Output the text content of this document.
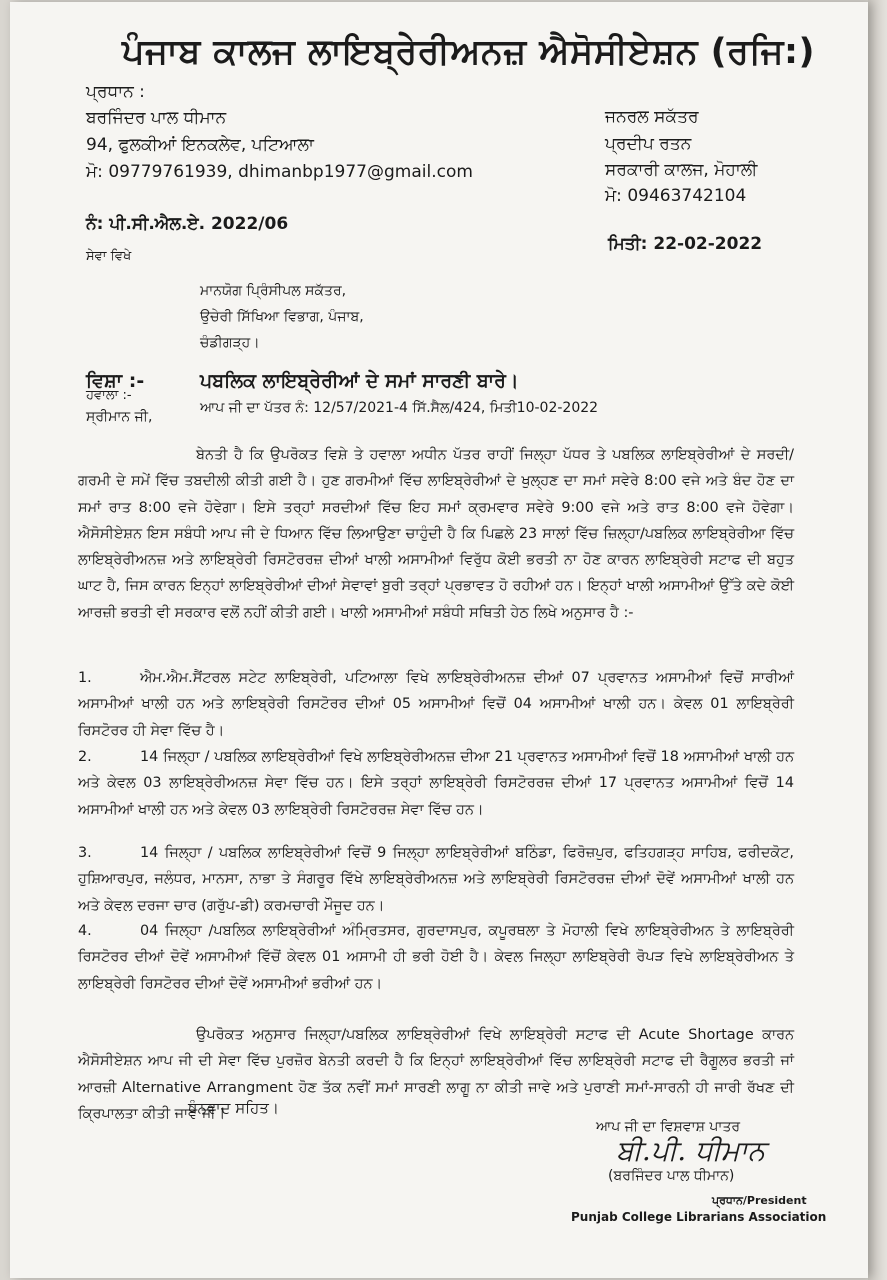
ਪੰਜਾਬ ਕਾਲਜ ਲਾਇਬ੍ਰੇਰੀਅਨਜ਼ ਐਸੋਸੀਏਸ਼ਨ (ਰਜਿ:)
ਪ੍ਰਧਾਨ :
ਬਰਜਿੰਦਰ ਪਾਲ ਧੀਮਾਨ
94, ਫੁਲਕੀਆਂ ਇਨਕਲੇਵ, ਪਟਿਆਲਾ
ਮੋ: 09779761939, dhimanbp1977@gmail.com
ਜਨਰਲ ਸਕੱਤਰ
ਪ੍ਰਦੀਪ ਰਤਨ
ਸਰਕਾਰੀ ਕਾਲਜ, ਮੋਹਾਲੀ
ਮੋ: 09463742104
ਨੰ: ਪੀ.ਸੀ.ਐਲ.ਏ. 2022/06
ਮਿਤੀ: 22-02-2022
ਸੇਵਾ ਵਿਖੇ
ਮਾਨਯੋਗ ਪ੍ਰਿੰਸੀਪਲ ਸਕੱਤਰ,
ਉਚੇਰੀ ਸਿੱਖਿਆ ਵਿਭਾਗ, ਪੰਜਾਬ,
ਚੰਡੀਗੜ੍ਹ।
ਵਿਸ਼ਾ :-	ਪਬਲਿਕ ਲਾਇਬ੍ਰੇਰੀਆਂ ਦੇ ਸਮਾਂ ਸਾਰਣੀ ਬਾਰੇ।
ਹਵਾਲਾ :-
ਆਪ ਜੀ ਦਾ ਪੱਤਰ ਨੰ: 12/57/2021-4 ਸਿੱ.ਸੈਲ/424, ਮਿਤੀ10-02-2022
ਸ੍ਰੀਮਾਨ ਜੀ,
ਬੇਨਤੀ ਹੈ ਕਿ ਉਪਰੋਕਤ ਵਿਸ਼ੇ ਤੇ ਹਵਾਲਾ ਅਧੀਨ ਪੱਤਰ ਰਾਹੀਂ ਜਿਲ੍ਹਾ ਪੱਧਰ ਤੇ ਪਬਲਿਕ ਲਾਇਬ੍ਰੇਰੀਆਂ ਦੇ ਸਰਦੀ/ਗਰਮੀ ਦੇ ਸਮੇਂ ਵਿੱਚ ਤਬਦੀਲੀ ਕੀਤੀ ਗਈ ਹੈ। ਹੁਣ ਗਰਮੀਆਂ ਵਿੱਚ ਲਾਇਬ੍ਰੇਰੀਆਂ ਦੇ ਖੁਲ੍ਹਣ ਦਾ ਸਮਾਂ ਸਵੇਰੇ 8:00 ਵਜੇ ਅਤੇ ਬੰਦ ਹੋਣ ਦਾ ਸਮਾਂ ਰਾਤ 8:00 ਵਜੇ ਹੋਵੇਗਾ। ਇਸੇ ਤਰ੍ਹਾਂ ਸਰਦੀਆਂ ਵਿੱਚ ਇਹ ਸਮਾਂ ਕ੍ਰਮਵਾਰ ਸਵੇਰੇ 9:00 ਵਜੇ ਅਤੇ ਰਾਤ 8:00 ਵਜੇ ਹੋਵੇਗਾ। ਐਸੋਸੀਏਸ਼ਨ ਇਸ ਸਬੰਧੀ ਆਪ ਜੀ ਦੇ ਧਿਆਨ ਵਿੱਚ ਲਿਆਉਣਾ ਚਾਹੁੰਦੀ ਹੈ ਕਿ ਪਿਛਲੇ 23 ਸਾਲਾਂ ਵਿੱਚ ਜ਼ਿਲ੍ਹਾ/ਪਬਲਿਕ ਲਾਇਬ੍ਰੇਰੀਆ ਵਿੱਚ ਲਾਇਬ੍ਰੇਰੀਅਨਜ਼ ਅਤੇ ਲਾਇਬ੍ਰੇਰੀ ਰਿਸਟੋਰਰਜ਼ ਦੀਆਂ ਖਾਲੀ ਅਸਾਮੀਆਂ ਵਿਰੁੱਧ ਕੋਈ ਭਰਤੀ ਨਾ ਹੋਣ ਕਾਰਨ ਲਾਇਬ੍ਰੇਰੀ ਸਟਾਫ ਦੀ ਬਹੁਤ ਘਾਟ ਹੈ, ਜਿਸ ਕਾਰਨ ਇਨ੍ਹਾਂ ਲਾਇਬ੍ਰੇਰੀਆਂ ਦੀਆਂ ਸੇਵਾਵਾਂ ਬੁਰੀ ਤਰ੍ਹਾਂ ਪ੍ਰਭਾਵਤ ਹੋ ਰਹੀਆਂ ਹਨ। ਇਨ੍ਹਾਂ ਖਾਲੀ ਅਸਾਮੀਆਂ ਉੱਤੇ ਕਦੇ ਕੋਈ ਆਰਜ਼ੀ ਭਰਤੀ ਵੀ ਸਰਕਾਰ ਵਲੋਂ ਨਹੀਂ ਕੀਤੀ ਗਈ। ਖਾਲੀ ਅਸਾਮੀਆਂ ਸਬੰਧੀ ਸਥਿਤੀ ਹੇਠ ਲਿਖੇ ਅਨੁਸਾਰ ਹੈ :-
1.	ਐਮ.ਐਮ.ਸੈਂਟਰਲ ਸਟੇਟ ਲਾਇਬ੍ਰੇਰੀ, ਪਟਿਆਲਾ ਵਿਖੇ ਲਾਇਬ੍ਰੇਰੀਅਨਜ਼ ਦੀਆਂ 07 ਪ੍ਰਵਾਨਤ ਅਸਾਮੀਆਂ ਵਿਚੋਂ ਸਾਰੀਆਂ ਅਸਾਮੀਆਂ ਖਾਲੀ ਹਨ ਅਤੇ ਲਾਇਬ੍ਰੇਰੀ ਰਿਸਟੋਰਰ ਦੀਆਂ 05 ਅਸਾਮੀਆਂ ਵਿਚੋਂ 04 ਅਸਾਮੀਆਂ ਖਾਲੀ ਹਨ। ਕੇਵਲ 01 ਲਾਇਬ੍ਰੇਰੀ ਰਿਸਟੋਰਰ ਹੀ ਸੇਵਾ ਵਿੱਚ ਹੈ।
2.	14 ਜਿਲ੍ਹਾ / ਪਬਲਿਕ ਲਾਇਬ੍ਰੇਰੀਆਂ ਵਿਖੇ ਲਾਇਬ੍ਰੇਰੀਅਨਜ਼ ਦੀਆ 21 ਪ੍ਰਵਾਨਤ ਅਸਾਮੀਆਂ ਵਿਚੋਂ 18 ਅਸਾਮੀਆਂ ਖਾਲੀ ਹਨ ਅਤੇ ਕੇਵਲ 03 ਲਾਇਬ੍ਰੇਰੀਅਨਜ਼ ਸੇਵਾ ਵਿੱਚ ਹਨ। ਇਸੇ ਤਰ੍ਹਾਂ ਲਾਇਬ੍ਰੇਰੀ ਰਿਸਟੋਰਰਜ਼ ਦੀਆਂ 17 ਪ੍ਰਵਾਨਤ ਅਸਾਮੀਆਂ ਵਿਚੋਂ 14 ਅਸਾਮੀਆਂ ਖਾਲੀ ਹਨ ਅਤੇ ਕੇਵਲ 03 ਲਾਇਬ੍ਰੇਰੀ ਰਿਸਟੋਰਰਜ਼ ਸੇਵਾ ਵਿੱਚ ਹਨ।
3.	14 ਜਿਲ੍ਹਾ / ਪਬਲਿਕ ਲਾਇਬ੍ਰੇਰੀਆਂ ਵਿਚੋਂ 9 ਜਿਲ੍ਹਾ ਲਾਇਬ੍ਰੇਰੀਆਂ ਬਠਿੰਡਾ, ਫਿਰੋਜ਼ਪੁਰ, ਫਤਿਹਗੜ੍ਹ ਸਾਹਿਬ, ਫਰੀਦਕੋਟ, ਹੁਸ਼ਿਆਰਪੁਰ, ਜਲੰਧਰ, ਮਾਨਸਾ, ਨਾਭਾ ਤੇ ਸੰਗਰੂਰ ਵਿੱਖੇ ਲਾਇਬ੍ਰੇਰੀਅਨਜ਼ ਅਤੇ ਲਾਇਬ੍ਰੇਰੀ ਰਿਸਟੋਰਰਜ਼ ਦੀਆਂ ਦੋਵੇਂ ਅਸਾਮੀਆਂ ਖਾਲੀ ਹਨ ਅਤੇ ਕੇਵਲ ਦਰਜਾ ਚਾਰ (ਗਰੁੱਪ-ਡੀ) ਕਰਮਚਾਰੀ ਮੌਜੂਦ ਹਨ।
4.	04 ਜਿਲ੍ਹਾ /ਪਬਲਿਕ ਲਾਇਬ੍ਰੇਰੀਆਂ ਅੰਮ੍ਰਿਤਸਰ, ਗੁਰਦਾਸਪੁਰ, ਕਪੂਰਥਲਾ ਤੇ ਮੋਹਾਲੀ ਵਿਖੇ ਲਾਇਬ੍ਰੇਰੀਅਨ ਤੇ ਲਾਇਬ੍ਰੇਰੀ ਰਿਸਟੋਰਰ ਦੀਆਂ ਦੋਵੇਂ ਅਸਾਮੀਆਂ ਵਿੱਚੋਂ ਕੇਵਲ 01 ਅਸਾਮੀ ਹੀ ਭਰੀ ਹੋਈ ਹੈ। ਕੇਵਲ ਜਿਲ੍ਹਾ ਲਾਇਬ੍ਰੇਰੀ ਰੋਪੜ ਵਿਖੇ ਲਾਇਬ੍ਰੇਰੀਅਨ ਤੇ ਲਾਇਬ੍ਰੇਰੀ ਰਿਸਟੋਰਰ ਦੀਆਂ ਦੋਵੇਂ ਅਸਾਮੀਆਂ ਭਰੀਆਂ ਹਨ।
ਉਪਰੋਕਤ ਅਨੁਸਾਰ ਜਿਲ੍ਹਾ/ਪਬਲਿਕ ਲਾਇਬ੍ਰੇਰੀਆਂ ਵਿਖੇ ਲਾਇਬ੍ਰੇਰੀ ਸਟਾਫ ਦੀ Acute Shortage ਕਾਰਨ ਐਸੋਸੀਏਸ਼ਨ ਆਪ ਜੀ ਦੀ ਸੇਵਾ ਵਿੱਚ ਪੁਰਜ਼ੋਰ ਬੇਨਤੀ ਕਰਦੀ ਹੈ ਕਿ ਇਨ੍ਹਾਂ ਲਾਇਬ੍ਰੇਰੀਆਂ ਵਿੱਚ ਲਾਇਬ੍ਰੇਰੀ ਸਟਾਫ ਦੀ ਰੈਗੂਲਰ ਭਰਤੀ ਜਾਂ ਆਰਜ਼ੀ Alternative Arrangment ਹੋਣ ਤੱਕ ਨਵੀਂ ਸਮਾਂ ਸਾਰਣੀ ਲਾਗੂ ਨਾ ਕੀਤੀ ਜਾਵੇ ਅਤੇ ਪੁਰਾਣੀ ਸਮਾਂ-ਸਾਰਨੀ ਹੀ ਜਾਰੀ ਰੱਖਣ ਦੀ ਕ੍ਰਿਪਾਲਤਾ ਕੀਤੀ ਜਾਵੇ ਜੀ।
ਧੰਨਵਾਦ ਸਹਿਤ।
ਆਪ ਜੀ ਦਾ ਵਿਸ਼ਵਾਸ਼ ਪਾਤਰ
ਬੀ.ਪੀ. ਧੀਮਾਨ
(ਬਰਜਿੰਦਰ ਪਾਲ ਧੀਮਾਨ)
ਪ੍ਰਧਾਨ/President
Punjab College Librarians Association
